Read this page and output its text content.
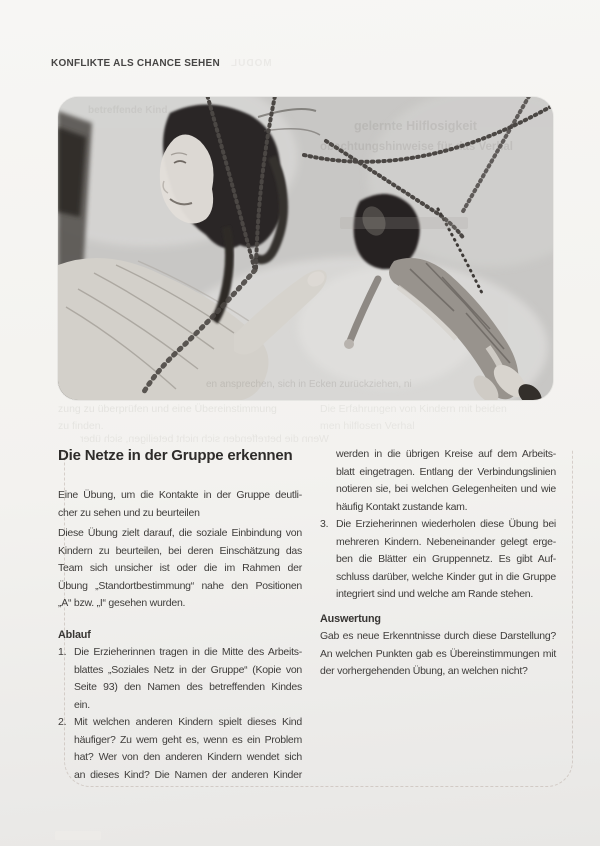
KONFLIKTE ALS CHANCE SEHEN MODUL
betreffende Kind
gelernte Hilflosigkeit
obachtungshinweise für das Verhal
en ansprechen, sich in Ecken zurückziehen, ni
zung zu überprüfen und eine Übereinstimmung	Die Erfahrungen von Kindern mit beiden
zu finden.	men hilflosen Verhal
Wenn die betreffenden sich nicht beteiligen, sich über
Die Netze in der Gruppe erkennen
Eine Übung, um die Kontakte in der Gruppe deutli-
cher zu sehen und zu beurteilen
Diese Übung zielt darauf, die soziale Einbindung von
Kindern zu beurteilen, bei deren Einschätzung das
Team sich unsicher ist oder die im Rahmen der
Übung „Standortbestimmung“ nahe den Positionen
„A“ bzw. „I“ gesehen wurden.
Ablauf
1. Die Erzieherinnen tragen in die Mitte des Arbeits-
blattes „Soziales Netz in der Gruppe“ (Kopie von
Seite 93) den Namen des betreffenden Kindes
ein.
2. Mit welchen anderen Kindern spielt dieses Kind
häufiger? Zu wem geht es, wenn es ein Problem
hat? Wer von den anderen Kindern wendet sich
an dieses Kind? Die Namen der anderen Kinder
werden in die übrigen Kreise auf dem Arbeits-
blatt eingetragen. Entlang der Verbindungslinien
notieren sie, bei welchen Gelegenheiten und wie
häufig Kontakt zustande kam.
3. Die Erzieherinnen wiederholen diese Übung bei
mehreren Kindern. Nebeneinander gelegt erge-
ben die Blätter ein Gruppennetz. Es gibt Auf-
schluss darüber, welche Kinder gut in die Gruppe
integriert sind und welche am Rande stehen.
Auswertung
Gab es neue Erkenntnisse durch diese Darstellung?
An welchen Punkten gab es Übereinstimmungen mit
der vorhergehenden Übung, an welchen nicht?
